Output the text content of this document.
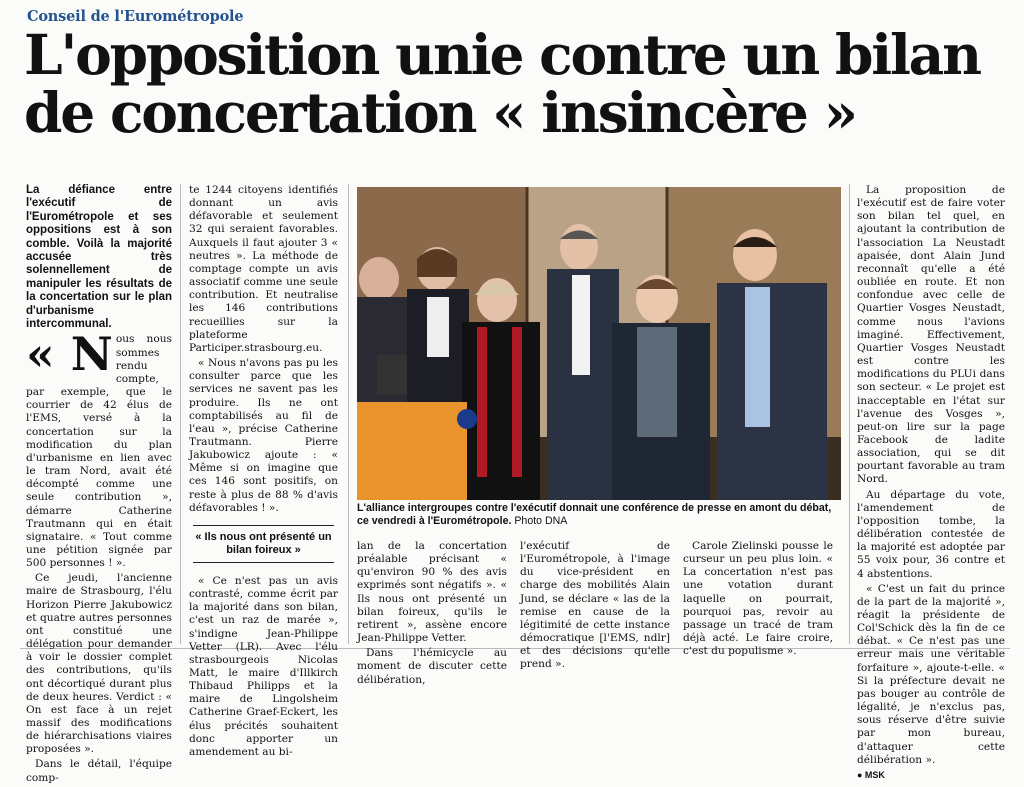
Conseil de l'Eurométropole
L'opposition unie contre un bilan de concertation « insincère »

La défiance entre l'exécutif de l'Eurométropole et ses oppositions est à son comble. Voilà la majorité accusée très solennellement de manipuler les résultats de la concertation sur le plan d'urbanisme intercommunal.

« N ous nous sommes rendu compte, par exemple, que le courrier de 42 élus de l'EMS, versé à la concertation sur la modification du plan d'urbanisme en lien avec le tram Nord, avait été décompté comme une seule contribution », démarre Catherine Trautmann qui en était signataire. « Tout comme une pétition signée par 500 personnes ! ».

Ce jeudi, l'ancienne maire de Strasbourg, l'élu Horizon Pierre Jakubowicz et quatre autres personnes ont constitué une délégation pour demander à voir le dossier complet des contributions, qu'ils ont décortiqué durant plus de deux heures. Verdict : « On est face à un rejet massif des modifications de hiérarchisations viaires proposées ».

Dans le détail, l'équipe comp-

te 1244 citoyens identifiés donnant un avis défavorable et seulement 32 qui seraient favorables. Auxquels il faut ajouter 3 « neutres ». La méthode de comptage compte un avis associatif comme une seule contribution. Et neutralise les 146 contributions recueillies sur la plateforme Participer.strasbourg.eu.

« Nous n'avons pas pu les consulter parce que les services ne savent pas les produire. Ils ne ont comptabilisés au fil de l'eau », précise Catherine Trautmann. Pierre Jakubowicz ajoute : « Même si on imagine que ces 146 sont positifs, on reste à plus de 88 % d'avis défavorables ! ».

« Ils nous ont présenté un bilan foireux »

« Ce n'est pas un avis contrasté, comme écrit par la majorité dans son bilan, c'est un raz de marée », s'indigne Jean-Philippe Vetter (LR). Avec l'élu strasbourgeois Nicolas Matt, le maire d'Illkirch Thibaud Philipps et la maire de Lingolsheim Catherine Graef-Eckert, les élus précités souhaitent donc apporter un amendement au bi-

L'alliance intergroupes contre l'exécutif donnait une conférence de presse en amont du débat, ce vendredi à l'Eurométropole. Photo DNA

lan de la concertation préalable précisant « qu'environ 90 % des avis exprimés sont négatifs ». « Ils nous ont présenté un bilan foireux, qu'ils le retirent », assène encore Jean-Philippe Vetter.

Dans l'hémicycle au moment de discuter cette délibération,

l'exécutif de l'Eurométropole, à l'image du vice-président en charge des mobilités Alain Jund, se déclare « las de la remise en cause de la légitimité de cette instance démocratique [l'EMS, ndlr] et des décisions qu'elle prend ».

Carole Zielinski pousse le curseur un peu plus loin. « La concertation n'est pas une votation durant laquelle on pourrait, pourquoi pas, revoir au passage un tracé de tram déjà acté. Le faire croire, c'est du populisme ».

La proposition de l'exécutif est de faire voter son bilan tel quel, en ajoutant la contribution de l'association La Neustadt apaisée, dont Alain Jund reconnaît qu'elle a été oubliée en route. Et non confondue avec celle de Quartier Vosges Neustadt, comme nous l'avions imaginé. Effectivement, Quartier Vosges Neustadt est contre les modifications du PLUi dans son secteur. « Le projet est inacceptable en l'état sur l'avenue des Vosges », peut-on lire sur la page Facebook de ladite association, qui se dit pourtant favorable au tram Nord.

Au départage du vote, l'amendement de l'opposition tombe, la délibération contestée de la majorité est adoptée par 55 voix pour, 36 contre et 4 abstentions.

« C'est un fait du prince de la part de la majorité », réagit la présidente de Col'Schick dès la fin de ce débat. « Ce n'est pas une erreur mais une véritable forfaiture », ajoute-t-elle. « Si la préfecture devait ne pas bouger au contrôle de légalité, je n'exclus pas, sous réserve d'être suivie par mon bureau, d'attaquer cette délibération ».

● MSK
